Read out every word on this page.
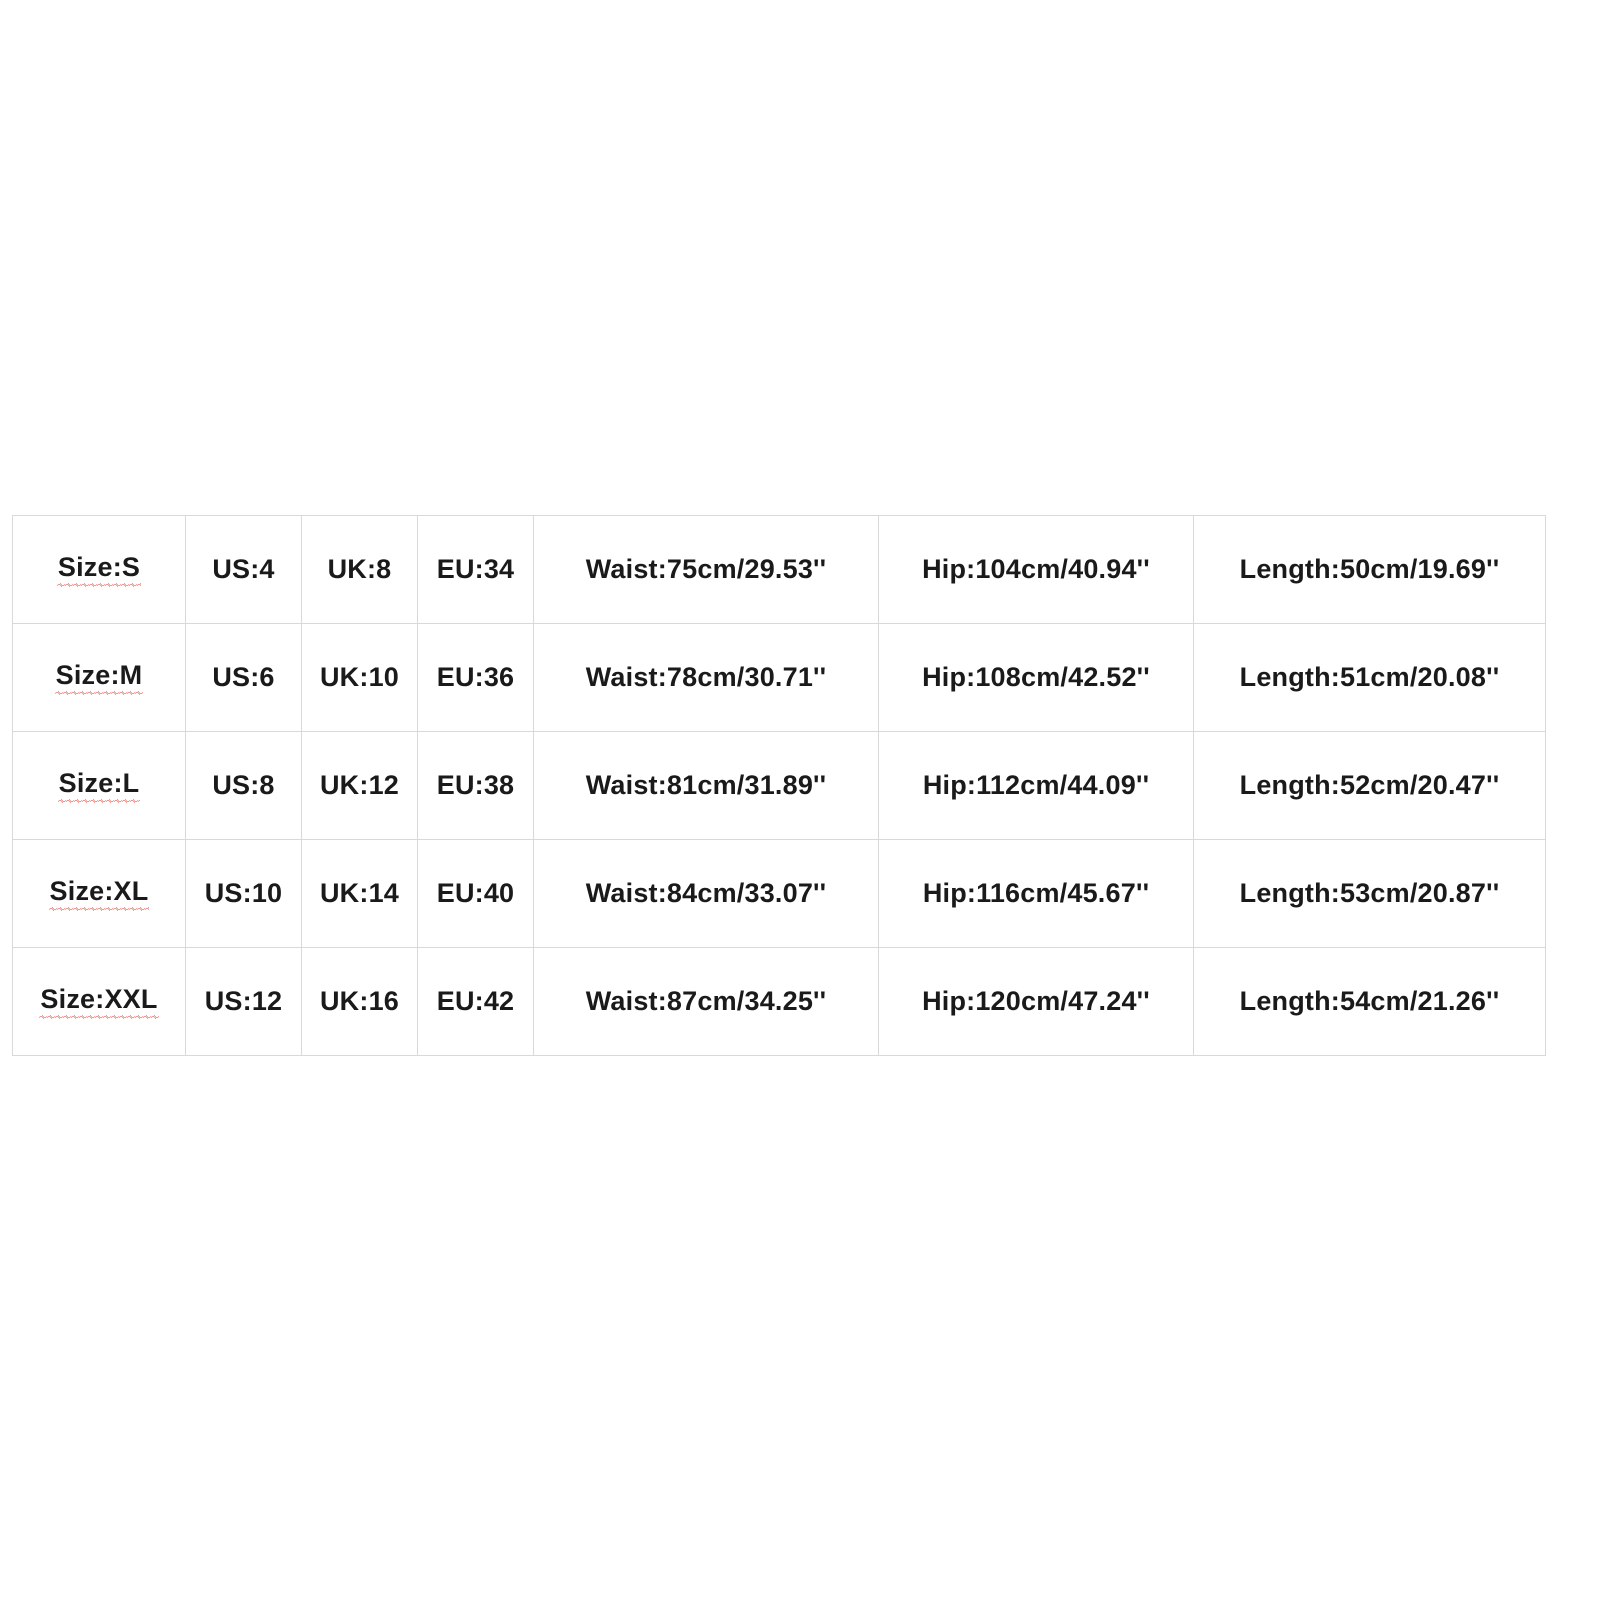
Size:S	US:4	UK:8	EU:34	Waist:75cm/29.53''	Hip:104cm/40.94''	Length:50cm/19.69''
Size:M	US:6	UK:10	EU:36	Waist:78cm/30.71''	Hip:108cm/42.52''	Length:51cm/20.08''
Size:L	US:8	UK:12	EU:38	Waist:81cm/31.89''	Hip:112cm/44.09''	Length:52cm/20.47''
Size:XL	US:10	UK:14	EU:40	Waist:84cm/33.07''	Hip:116cm/45.67''	Length:53cm/20.87''
Size:XXL	US:12	UK:16	EU:42	Waist:87cm/34.25''	Hip:120cm/47.24''	Length:54cm/21.26''
